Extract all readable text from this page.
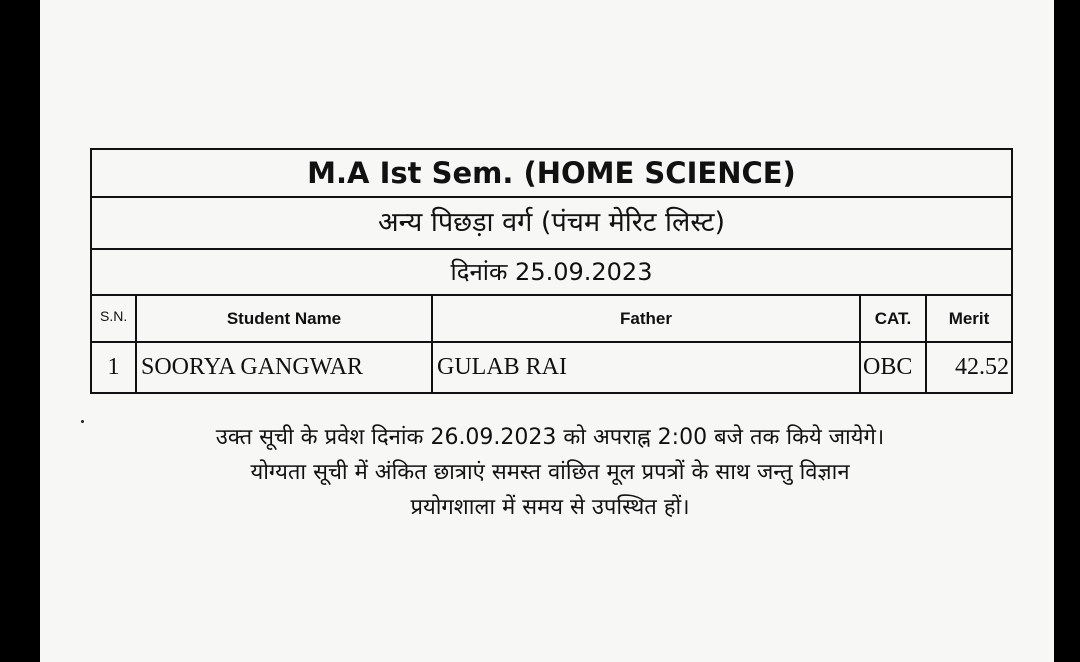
M.A Ist Sem. (HOME SCIENCE)
अन्य पिछड़ा वर्ग (पंचम मेरिट लिस्ट)
दिनांक 25.09.2023
S.N.	Student Name	Father	CAT.	Merit
1	SOORYA GANGWAR	GULAB RAI	OBC	42.52
उक्त सूची के प्रवेश दिनांक 26.09.2023 को अपराह्न 2:00 बजे तक किये जायेगे।
योग्यता सूची में अंकित छात्राएं समस्त वांछित मूल प्रपत्रों के साथ जन्तु विज्ञान
प्रयोगशाला में समय से उपस्थित हों।
